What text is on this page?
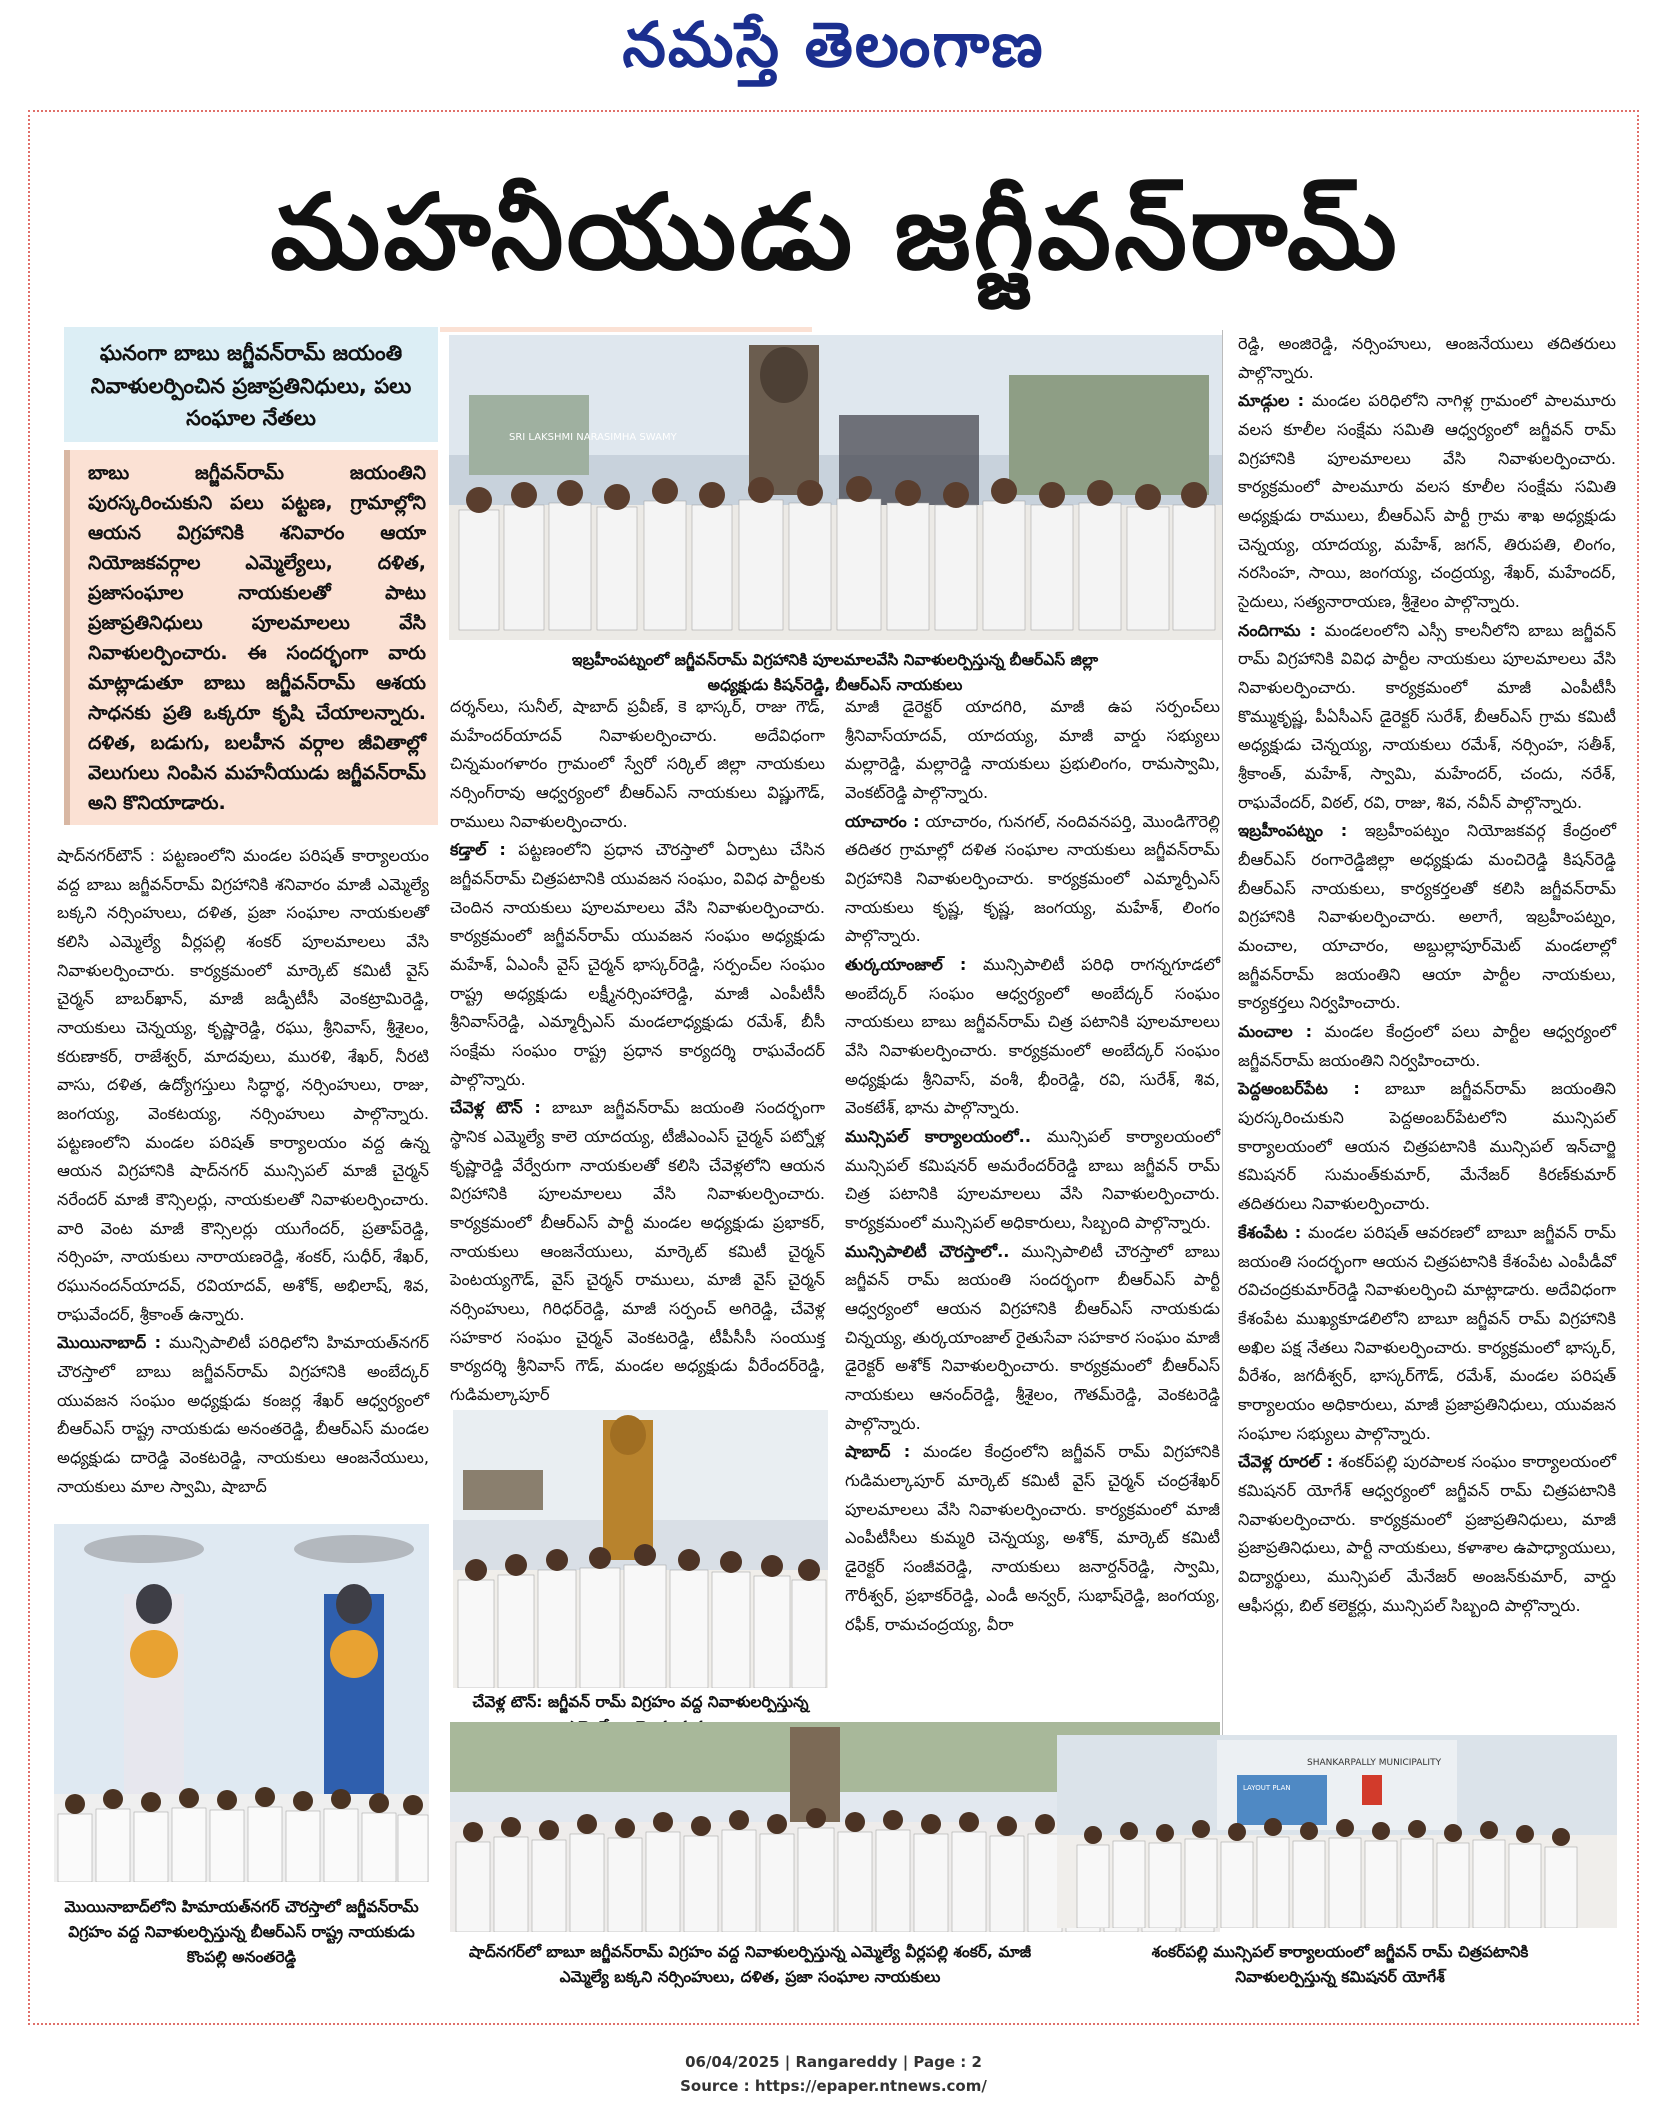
నమస్తే తెలంగాణ
మహనీయుడు జగ్జీవన్‌రామ్
ఘనంగా బాబు జగ్జీవన్‌రామ్ జయంతి నివాళులర్పించిన ప్రజాప్రతినిధులు, పలు సంఘాల నేతలు
బాబు జగ్జీవన్‌రామ్ జయంతిని పురస్కరించుకుని పలు పట్టణ, గ్రామాల్లోని ఆయన విగ్రహానికి శనివారం ఆయా నియోజకవర్గాల ఎమ్మెల్యేలు, దళిత, ప్రజాసంఘాల నాయకులతో పాటు ప్రజాప్రతినిధులు పూలమాలలు వేసి నివాళులర్పించారు. ఈ సందర్భంగా వారు మాట్లాడుతూ బాబు జగ్జీవన్‌రామ్ ఆశయ సాధనకు ప్రతి ఒక్కరూ కృషి చేయాలన్నారు. దళిత, బడుగు, బలహీన వర్గాల జీవితాల్లో వెలుగులు నింపిన మహనీయుడు జగ్జీవన్‌రామ్ అని కొనియాడారు.
SRI LAKSHMI NARASIMHA SWAMY
ఇబ్రహీంపట్నంలో జగ్జీవన్‌రామ్ విగ్రహానికి పూలమాలవేసి నివాళులర్పిస్తున్న బీఆర్ఎస్ జిల్లా అధ్యక్షుడు కిషన్‌రెడ్డి, బీఆర్ఎస్ నాయకులు

షాద్‌నగర్‌టౌన్ : పట్టణంలోని మండల పరిషత్ కార్యాలయం వద్ద బాబు జగ్జీవన్‌రామ్ విగ్రహానికి శనివారం మాజీ ఎమ్మెల్యే బక్కని నర్సింహులు, దళిత, ప్రజా సంఘాల నాయకులతో కలిసి ఎమ్మెల్యే వీర్లపల్లి శంకర్ పూలమాలలు వేసి నివాళులర్పించారు. కార్యక్రమంలో మార్కెట్ కమిటీ వైస్ చైర్మన్ బాబర్‌ఖాన్, మాజీ జడ్పీటీసీ వెంకట్రామిరెడ్డి, నాయకులు చెన్నయ్య, కృష్ణారెడ్డి, రఘు, శ్రీనివాస్, శ్రీశైలం, కరుణాకర్, రాజేశ్వర్, మాదవులు, మురళి, శేఖర్, నీరటి వాసు, దళిత, ఉద్యోగస్తులు సిద్ధార్థ, నర్సింహులు, రాజు, జంగయ్య, వెంకటయ్య, నర్సింహులు పాల్గొన్నారు. పట్టణంలోని మండల పరిషత్ కార్యాలయం వద్ద ఉన్న ఆయన విగ్రహానికి షాద్‌నగర్ మున్సిపల్ మాజీ చైర్మన్ నరేందర్ మాజీ కౌన్సిలర్లు, నాయకులతో నివాళులర్పించారు. వారి వెంట మాజీ కౌన్సిలర్లు యుగేందర్, ప్రతాప్‌రెడ్డి, నర్సింహ, నాయకులు నారాయణరెడ్డి, శంకర్, సుధీర్, శేఖర్, రఘునందన్‌యాదవ్, రవియాదవ్, అశోక్, అభిలాష్, శివ, రాఘవేందర్, శ్రీకాంత్ ఉన్నారు.

మొయినాబాద్ : మున్సిపాలిటీ పరిధిలోని హిమాయత్‌నగర్ చౌరస్తాలో బాబు జగ్జీవన్‌రామ్ విగ్రహానికి అంబేద్కర్ యువజన సంఘం అధ్యక్షుడు కంజర్ల శేఖర్ ఆధ్వర్యంలో బీఆర్ఎస్ రాష్ట్ర నాయకుడు అనంతరెడ్డి, బీఆర్ఎస్ మండల అధ్యక్షుడు దారెడ్డి వెంకటరెడ్డి, నాయకులు ఆంజనేయులు, నాయకులు మాల స్వామి, షాబాద్

దర్శన్‌లు, సునీల్, షాబాద్ ప్రవీణ్, కె భాస్కర్, రాజు గౌడ్, మహేందర్‌యాదవ్ నివాళులర్పించారు. అదేవిధంగా చిన్నమంగళారం గ్రామంలో స్వేరో సర్కిల్ జిల్లా నాయకులు నర్సింగ్‌రావు ఆధ్వర్యంలో బీఆర్ఎస్ నాయకులు విష్ణుగౌడ్, రాములు నివాళులర్పించారు.

కడ్తాల్ : పట్టణంలోని ప్రధాన చౌరస్తాలో ఏర్పాటు చేసిన జగ్జీవన్‌రామ్ చిత్రపటానికి యువజన సంఘం, వివిధ పార్టీలకు చెందిన నాయకులు పూలమాలలు వేసి నివాళులర్పించారు. కార్యక్రమంలో జగ్జీవన్‌రామ్ యువజన సంఘం అధ్యక్షుడు మహేశ్, ఏఎంసీ వైస్ చైర్మన్ భాస్కర్‌రెడ్డి, సర్పంచ్‌ల సంఘం రాష్ట్ర అధ్యక్షుడు లక్ష్మీనర్సింహారెడ్డి, మాజీ ఎంపీటీసీ శ్రీనివాస్‌రెడ్డి, ఎమ్మార్పీఎస్ మండలాధ్యక్షుడు రమేశ్, బీసీ సంక్షేమ సంఘం రాష్ట్ర ప్రధాన కార్యదర్శి రాఘవేందర్ పాల్గొన్నారు.

చేవెళ్ల టౌన్ : బాబూ జగ్జీవన్‌రామ్ జయంతి సందర్భంగా స్థానిక ఎమ్మెల్యే కాలె యాదయ్య, టీజీఎంఎస్ చైర్మన్ పట్నోళ్ల కృష్ణారెడ్డి వేర్వేరుగా నాయకులతో కలిసి చేవెళ్లలోని ఆయన విగ్రహానికి పూలమాలలు వేసి నివాళులర్పించారు. కార్యక్రమంలో బీఆర్ఎస్ పార్టీ మండల అధ్యక్షుడు ప్రభాకర్, నాయకులు ఆంజనేయులు, మార్కెట్ కమిటీ చైర్మన్ పెంటయ్యగౌడ్, వైస్ చైర్మన్ రాములు, మాజీ వైస్ చైర్మన్ నర్సింహులు, గిరిధర్‌రెడ్డి, మాజీ సర్పంచ్ అగిరెడ్డి, చేవెళ్ల సహకార సంఘం చైర్మన్ వెంకటరెడ్డి, టీపీసీసీ సంయుక్త కార్యదర్శి శ్రీనివాస్ గౌడ్, మండల అధ్యక్షుడు వీరేందర్‌రెడ్డి, గుడిమల్కాపూర్

మాజీ డైరెక్టర్ యాదగిరి, మాజీ ఉప సర్పంచ్‌లు శ్రీనివాస్‌యాదవ్, యాదయ్య, మాజీ వార్డు సభ్యులు మల్లారెడ్డి, మల్లారెడ్డి నాయకులు ప్రభులింగం, రామస్వామి, వెంకట్‌రెడ్డి పాల్గొన్నారు.

యాచారం : యాచారం, గునగల్, నందివనపర్తి, మొండిగౌరెల్లి తదితర గ్రామాల్లో దళిత సంఘాల నాయకులు జగ్జీవన్‌రామ్ విగ్రహానికి నివాళులర్పించారు. కార్యక్రమంలో ఎమ్మార్పీఎస్ నాయకులు కృష్ణ, కృష్ణ, జంగయ్య, మహేశ్, లింగం పాల్గొన్నారు.

తుర్కయాంజాల్ : మున్సిపాలిటీ పరిధి రాగన్నగూడలో అంబేద్కర్ సంఘం ఆధ్వర్యంలో అంబేద్కర్ సంఘం నాయకులు బాబు జగ్జీవన్‌రామ్ చిత్ర పటానికి పూలమాలలు వేసి నివాళులర్పించారు. కార్యక్రమంలో అంబేద్కర్ సంఘం అధ్యక్షుడు శ్రీనివాస్, వంశీ, భీంరెడ్డి, రవి, సురేశ్, శివ, వెంకటేశ్, భాను పాల్గొన్నారు.

మున్సిపల్ కార్యాలయంలో.. మున్సిపల్ కార్యాలయంలో మున్సిపల్ కమిషనర్ అమరేందర్‌రెడ్డి బాబు జగ్జీవన్ రామ్ చిత్ర పటానికి పూలమాలలు వేసి నివాళులర్పించారు. కార్యక్రమంలో మున్సిపల్ అధికారులు, సిబ్బంది పాల్గొన్నారు.

మున్సిపాలిటీ చౌరస్తాలో.. మున్సిపాలిటీ చౌరస్తాలో బాబు జగ్జీవన్ రామ్ జయంతి సందర్భంగా బీఆర్ఎస్ పార్టీ ఆధ్వర్యంలో ఆయన విగ్రహానికి బీఆర్ఎస్ నాయకుడు చిన్నయ్య, తుర్కయాంజాల్ రైతుసేవా సహకార సంఘం మాజీ డైరెక్టర్ అశోక్ నివాళులర్పించారు. కార్యక్రమంలో బీఆర్ఎస్ నాయకులు ఆనంద్‌రెడ్డి, శ్రీశైలం, గౌతమ్‌రెడ్డి, వెంకటరెడ్డి పాల్గొన్నారు.

షాబాద్ : మండల కేంద్రంలోని జగ్జీవన్ రామ్ విగ్రహానికి గుడిమల్కాపూర్ మార్కెట్ కమిటీ వైస్ చైర్మన్ చంద్రశేఖర్ పూలమాలలు వేసి నివాళులర్పించారు. కార్యక్రమంలో మాజీ ఎంపీటీసీలు కుమ్మరి చెన్నయ్య, అశోక్, మార్కెట్ కమిటీ డైరెక్టర్ సంజీవరెడ్డి, నాయకులు జనార్దన్‌రెడ్డి, స్వామి, గౌరీశ్వర్, ప్రభాకర్‌రెడ్డి, ఎండీ అన్వర్, సుభాష్‌రెడ్డి, జంగయ్య, రఫీక్, రామచంద్రయ్య, వీరా

రెడ్డి, అంజిరెడ్డి, నర్సింహులు, ఆంజనేయులు తదితరులు పాల్గొన్నారు.

మాడ్గుల : మండల పరిధిలోని నాగిళ్ల గ్రామంలో పాలమూరు వలస కూలీల సంక్షేమ సమితి ఆధ్వర్యంలో జగ్జీవన్ రామ్ విగ్రహానికి పూలమాలలు వేసి నివాళులర్పించారు. కార్యక్రమంలో పాలమూరు వలస కూలీల సంక్షేమ సమితి అధ్యక్షుడు రాములు, బీఆర్ఎస్ పార్టీ గ్రామ శాఖ అధ్యక్షుడు చెన్నయ్య, యాదయ్య, మహేశ్, జగన్, తిరుపతి, లింగం, నరసింహ, సాయి, జంగయ్య, చంద్రయ్య, శేఖర్, మహేందర్, సైదులు, సత్యనారాయణ, శ్రీశైలం పాల్గొన్నారు.

నందిగామ : మండలంలోని ఎస్సీ కాలనీలోని బాబు జగ్జీవన్ రామ్ విగ్రహానికి వివిధ పార్టీల నాయకులు పూలమాలలు వేసి నివాళులర్పించారు. కార్యక్రమంలో మాజీ ఎంపీటీసీ కొమ్ముకృష్ణ, పీఏసీఎస్ డైరెక్టర్ సురేశ్, బీఆర్ఎస్ గ్రామ కమిటీ అధ్యక్షుడు చెన్నయ్య, నాయకులు రమేశ్, నర్సింహ, సతీశ్, శ్రీకాంత్, మహేశ్, స్వామి, మహేందర్, చందు, నరేశ్, రాఘవేందర్, విఠల్, రవి, రాజు, శివ, నవీన్ పాల్గొన్నారు.

ఇబ్రహీంపట్నం : ఇబ్రహీంపట్నం నియోజకవర్గ కేంద్రంలో బీఆర్ఎస్ రంగారెడ్డిజిల్లా అధ్యక్షుడు మంచిరెడ్డి కిషన్‌రెడ్డి బీఆర్ఎస్ నాయకులు, కార్యకర్తలతో కలిసి జగ్జీవన్‌రామ్ విగ్రహానికి నివాళులర్పించారు. అలాగే, ఇబ్రహీంపట్నం, మంచాల, యాచారం, అబ్దుల్లాపూర్‌మెట్ మండలాల్లో జగ్జీవన్‌రామ్ జయంతిని ఆయా పార్టీల నాయకులు, కార్యకర్తలు నిర్వహించారు.

మంచాల : మండల కేంద్రంలో పలు పార్టీల ఆధ్వర్యంలో జగ్జీవన్‌రామ్ జయంతిని నిర్వహించారు.

పెద్దఅంబర్‌పేట : బాబూ జగ్జీవన్‌రామ్ జయంతిని పురస్కరించుకుని పెద్దఅంబర్‌పేటలోని మున్సిపల్ కార్యాలయంలో ఆయన చిత్రపటానికి మున్సిపల్ ఇన్‌చార్జి కమిషనర్ సుమంత్‌కుమార్, మేనేజర్ కిరణ్‌కుమార్ తదితరులు నివాళులర్పించారు.

కేశంపేట : మండల పరిషత్ ఆవరణలో బాబూ జగ్జీవన్ రామ్ జయంతి సందర్భంగా ఆయన చిత్రపటానికి కేశంపేట ఎంపీడీవో రవిచంద్రకుమార్‌రెడ్డి నివాళులర్పించి మాట్లాడారు. అదేవిధంగా కేశంపేట ముఖ్యకూడలిలోని బాబూ జగ్జీవన్ రామ్ విగ్రహానికి అఖిల పక్ష నేతలు నివాళులర్పించారు. కార్యక్రమంలో భాస్కర్, వీరేశం, జగదీశ్వర్, భాస్కర్‌గౌడ్, రమేశ్, మండల పరిషత్ కార్యాలయం అధికారులు, మాజీ ప్రజాప్రతినిధులు, యువజన సంఘాల సభ్యులు పాల్గొన్నారు.

చేవెళ్ల రూరల్ : శంకర్‌పల్లి పురపాలక సంఘం కార్యాలయంలో కమిషనర్ యోగేశ్ ఆధ్వర్యంలో జగ్జీవన్ రామ్ చిత్రపటానికి నివాళులర్పించారు. కార్యక్రమంలో ప్రజాప్రతినిధులు, మాజీ ప్రజాప్రతినిధులు, పార్టీ నాయకులు, కళాశాల ఉపాధ్యాయులు, విద్యార్థులు, మున్సిపల్ మేనేజర్ అంజన్‌కుమార్, వార్డు ఆఫీసర్లు, బిల్ కలెక్టర్లు, మున్సిపల్ సిబ్బంది పాల్గొన్నారు.

చేవెళ్ల టౌన్: జగ్జీవన్ రామ్ విగ్రహం వద్ద నివాళులర్పిస్తున్న
మొయినాబాద్‌లోని హిమాయత్‌నగర్ చౌరస్తాలో జగ్జీవన్‌రామ్ విగ్రహం వద్ద నివాళులర్పిస్తున్న బీఆర్ఎస్ రాష్ట్ర నాయకుడు కొంపల్లి అనంతరెడ్డి
SHANKARPALLY MUNICIPALITY
LAYOUT PLAN
షాద్‌నగర్‌లో బాబూ జగ్జీవన్‌రామ్ విగ్రహం వద్ద నివాళులర్పిస్తున్న ఎమ్మెల్యే వీర్లపల్లి శంకర్, మాజీ ఎమ్మెల్యే బక్కని నర్సింహులు, దళిత, ప్రజా సంఘాల నాయకులు
శంకర్‌పల్లి మున్సిపల్ కార్యాలయంలో జగ్జీవన్ రామ్ చిత్రపటానికి నివాళులర్పిస్తున్న కమిషనర్ యోగేశ్
06/04/2025 | Rangareddy | Page : 2
Source : https://epaper.ntnews.com/
